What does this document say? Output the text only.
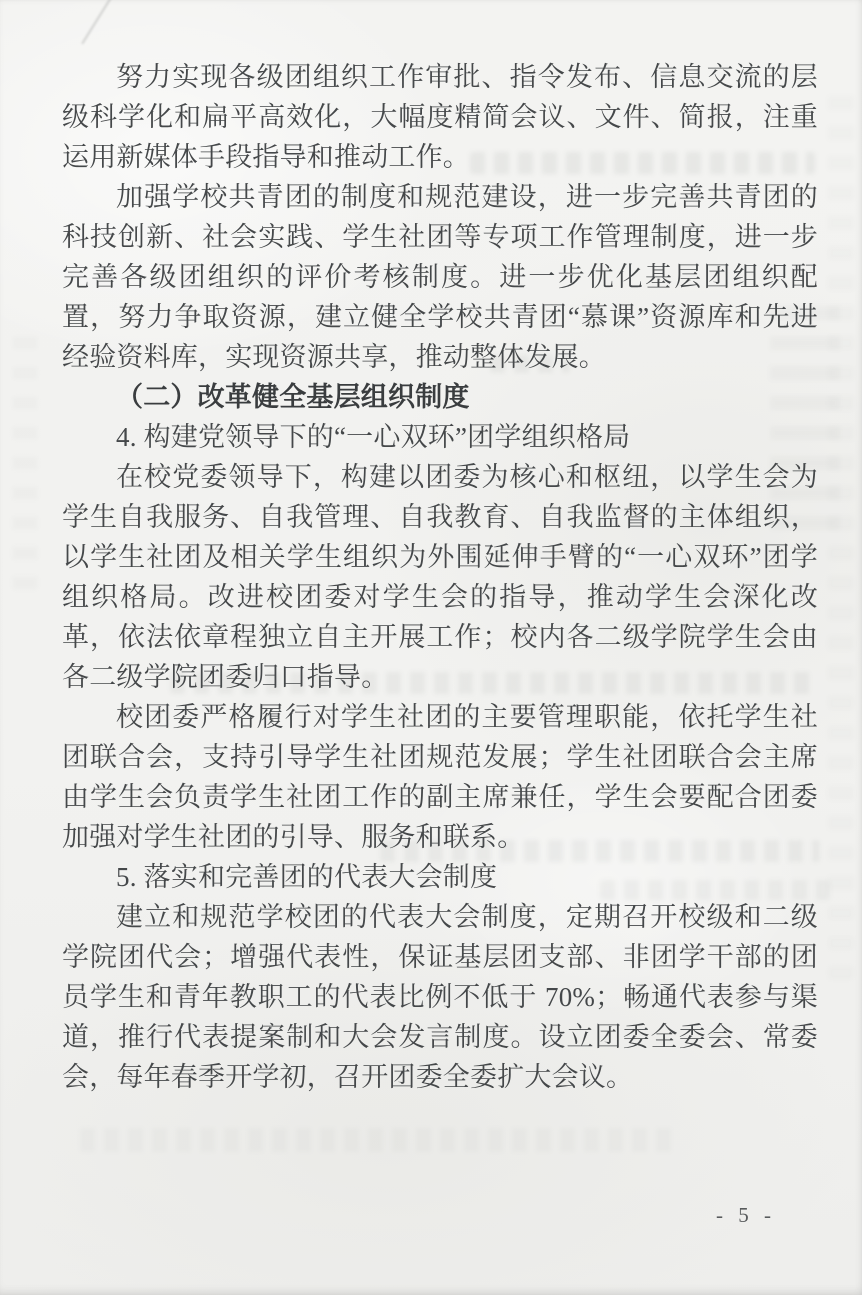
努力实现各级团组织工作审批、指令发布、信息交流的层级科学化和扁平高效化，大幅度精简会议、文件、简报，注重运用新媒体手段指导和推动工作。

加强学校共青团的制度和规范建设，进一步完善共青团的科技创新、社会实践、学生社团等专项工作管理制度，进一步完善各级团组织的评价考核制度。进一步优化基层团组织配置，努力争取资源，建立健全学校共青团“慕课”资源库和先进经验资料库，实现资源共享，推动整体发展。

（二）改革健全基层组织制度

4. 构建党领导下的“一心双环”团学组织格局

在校党委领导下，构建以团委为核心和枢纽，以学生会为学生自我服务、自我管理、自我教育、自我监督的主体组织，以学生社团及相关学生组织为外围延伸手臂的“一心双环”团学组织格局。改进校团委对学生会的指导，推动学生会深化改革，依法依章程独立自主开展工作；校内各二级学院学生会由各二级学院团委归口指导。

校团委严格履行对学生社团的主要管理职能，依托学生社团联合会，支持引导学生社团规范发展；学生社团联合会主席由学生会负责学生社团工作的副主席兼任，学生会要配合团委加强对学生社团的引导、服务和联系。

5. 落实和完善团的代表大会制度

建立和规范学校团的代表大会制度，定期召开校级和二级学院团代会；增强代表性，保证基层团支部、非团学干部的团员学生和青年教职工的代表比例不低于 70%；畅通代表参与渠道，推行代表提案制和大会发言制度。设立团委全委会、常委会，每年春季开学初，召开团委全委扩大会议。

- 5 -
